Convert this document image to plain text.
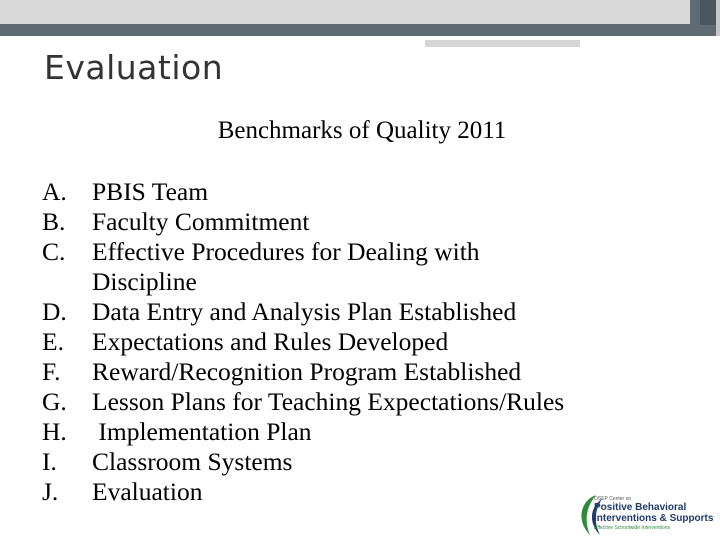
Evaluation
Benchmarks of Quality 2011
A. PBIS Team
B. Faculty Commitment
C. Effective Procedures for Dealing with Discipline
D. Data Entry and Analysis Plan Established
E. Expectations and Rules Developed
F. Reward/Recognition Program Established
G. Lesson Plans for Teaching Expectations/Rules
H. Implementation Plan
I. Classroom Systems
J. Evaluation	OSEP Center on
Positive Behavioral
Interventions & Supports
Effective Schoolwide Interventions
